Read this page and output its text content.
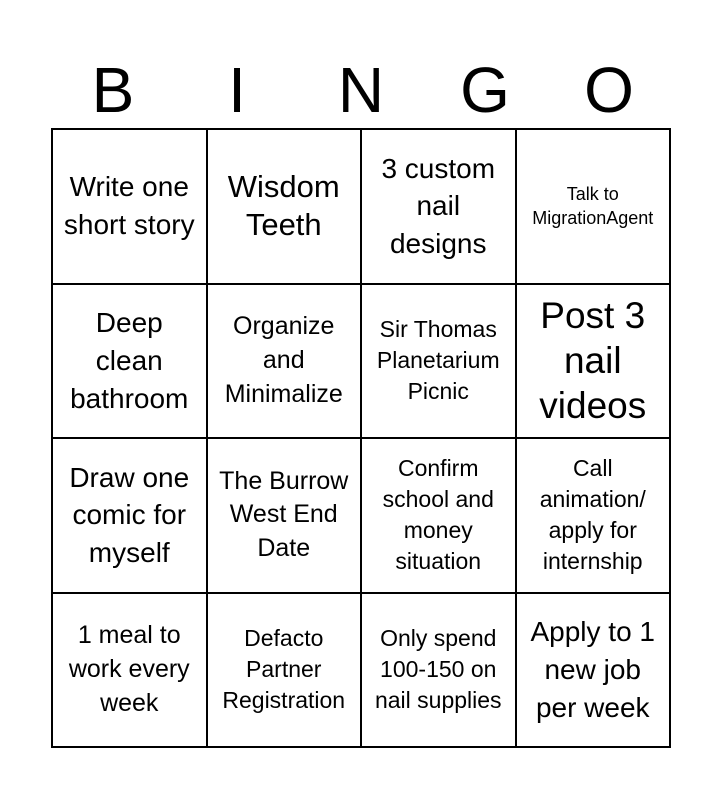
B	I	N	G	O
Write one short story
Wisdom Teeth
3 custom nail designs
Talk to MigrationAgent
Deep clean bathroom
Organize and Minimalize
Sir Thomas Planetarium Picnic
Post 3 nail videos
Draw one comic for myself
The Burrow West End Date
Confirm school and money situation
Call animation/ apply for internship
1 meal to work every week
Defacto Partner Registration
Only spend 100-150 on nail supplies
Apply to 1 new job per week
